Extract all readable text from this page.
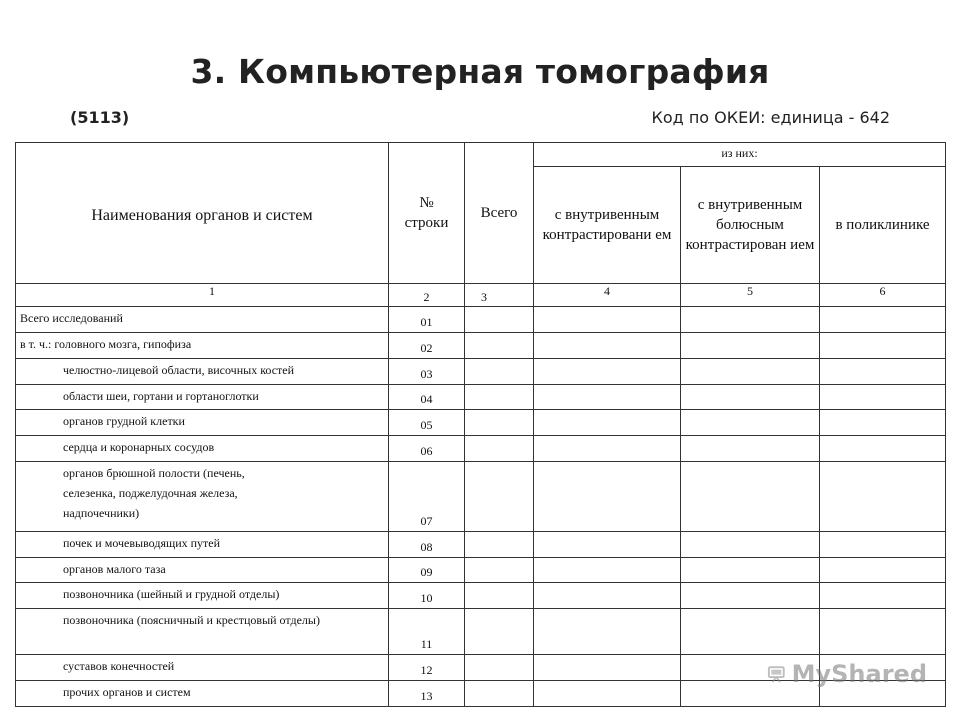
3. Компьютерная томография
(5113)	Код по ОКЕИ: единица - 642
Наименования органов и систем	№ строки	Всего	из них:		
			с внутривенным контрастировани ем	с внутривенным болюсным контрастирован ием	в поликлинике
1	2	3	4	5	6
Всего исследований	01				
в т. ч.: головного мозга, гипофиза	02				
челюстно-лицевой области, височных костей	03				
области шеи, гортани и гортаноглотки	04				
органов грудной клетки	05				
сердца и коронарных сосудов	06				
органов брюшной полости (печень, селезенка, поджелудочная железа, надпочечники)	07				
почек и мочевыводящих путей	08				
органов малого таза	09				
позвоночника (шейный и грудной отделы)	10				
позвоночника (поясничный и крестцовый отделы)	11				
суставов конечностей	12				
прочих органов и систем	13				
MyShared
